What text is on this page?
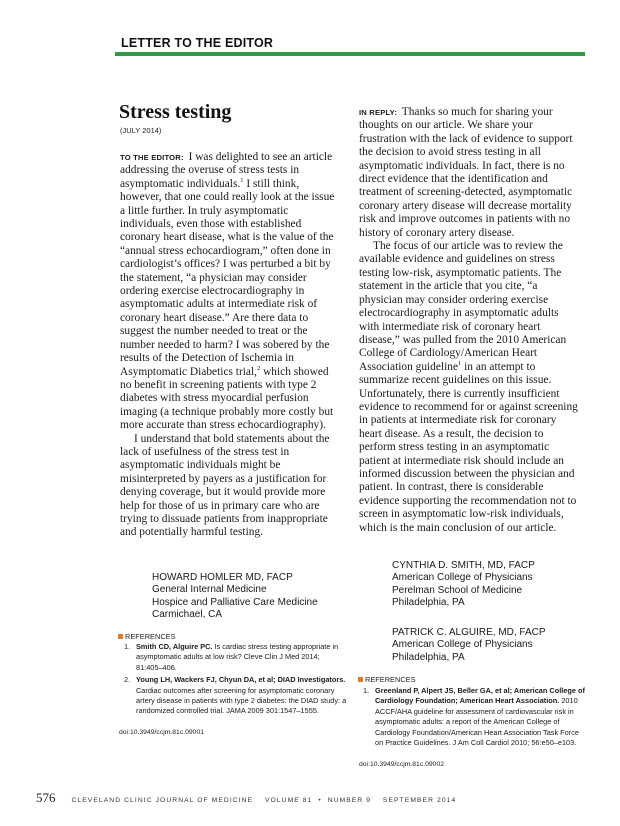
LETTER TO THE EDITOR
Stress testing
(JULY 2014)

TO THE EDITOR: I was delighted to see an article addressing the overuse of stress tests in asymptomatic individuals.$^1$ I still think, however, that one could really look at the issue a little further. In truly asymptomatic individuals, even those with established coronary heart disease, what is the value of the “annual stress echocardiogram,” often done in cardiologist’s offices? I was perturbed a bit by the statement, “a physician may consider ordering exercise electrocardiography in asymptomatic adults at intermediate risk of coronary heart disease.” Are there data to suggest the number needed to treat or the number needed to harm? I was sobered by the results of the Detection of Ischemia in Asymptomatic Diabetics trial,$^2$ which showed no benefit in screening patients with type 2 diabetes with stress myocardial perfusion imaging (a technique probably more costly but more accurate than stress echocardiography).

I understand that bold statements about the lack of usefulness of the stress test in asymptomatic individuals might be misinterpreted by payers as a justification for denying coverage, but it would provide more help for those of us in primary care who are trying to dissuade patients from inappropriate and potentially harmful testing.

IN REPLY: Thanks so much for sharing your thoughts on our article. We share your frustration with the lack of evidence to support the decision to avoid stress testing in all asymptomatic individuals. In fact, there is no direct evidence that the identification and treatment of screening-detected, asymptomatic coronary artery disease will decrease mortality risk and improve outcomes in patients with no history of coronary artery disease.

The focus of our article was to review the available evidence and guidelines on stress testing low-risk, asymptomatic patients. The statement in the article that you cite, “a physician may consider ordering exercise electrocardiography in asymptomatic adults with intermediate risk of coronary heart disease,” was pulled from the 2010 American College of Cardiology/American Heart Association guideline$^1$ in an attempt to summarize recent guidelines on this issue. Unfortunately, there is currently insufficient evidence to recommend for or against screening in patients at intermediate risk for coronary heart disease. As a result, the decision to perform stress testing in an asymptomatic patient at intermediate risk should include an informed discussion between the physician and patient. In contrast, there is considerable evidence supporting the recommendation not to screen in asymptomatic low-risk individuals, which is the main conclusion of our article.

HOWARD HOMLER MD, FACP
General Internal Medicine
Hospice and Palliative Care Medicine
Carmichael, CA
CYNTHIA D. SMITH, MD, FACP
American College of Physicians
Perelman School of Medicine
Philadelphia, PA
PATRICK C. ALGUIRE, MD, FACP
American College of Physicians
Philadelphia, PA
REFERENCES
1. Smith CD, Alguire PC. Is cardiac stress testing appropriate in asymptomatic adults at low risk? Cleve Clin J Med 2014; 81:405–406.
2. Young LH, Wackers FJ, Chyun DA, et al; DIAD Investigators. Cardiac outcomes after screening for asymptomatic coronary artery disease in patients with type 2 diabetes: the DIAD study: a randomized controlled trial. JAMA 2009 301:1547–1555.
doi:10.3949/ccjm.81c.09001
REFERENCES
1. Greenland P, Alpert JS, Beller GA, et al; American College of Cardiology Foundation; American Heart Association. 2010 ACCF/AHA guideline for assessment of cardiovascular risk in asymptomatic adults: a report of the American College of Cardiology Foundation/American Heart Association Task Force on Practice Guidelines. J Am Coll Cardiol 2010; 56:e50–e103.
doi:10.3949/ccjm.81c.09002
576 CLEVELAND CLINIC JOURNAL OF MEDICINE    VOLUME 81  •  NUMBER 9    SEPTEMBER 2014
